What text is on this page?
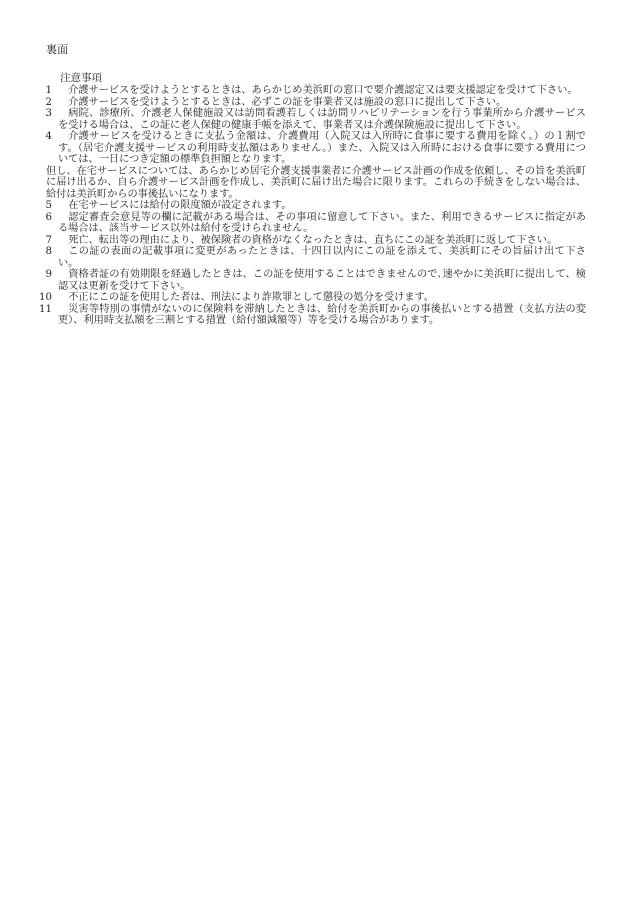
裏面
注意事項
1	介護サービスを受けようとするときは、あらかじめ美浜町の窓口で要介護認定又は要支援認定を受けて下さい。
2	介護サービスを受けようとするときは、必ずこの証を事業者又は施設の窓口に提出して下さい。
3	病院、診療所、介護老人保健施設又は訪問看護若しくは訪問リハビリテーションを行う事業所から介護サービスを受ける場合は、この証に老人保健の健康手帳を添えて、事業者又は介護保険施設に提出して下さい。
4	介護サービスを受けるときに支払う金額は、介護費用（入院又は入所時に食事に要する費用を除く。）の１割です。（居宅介護支援サービスの利用時支払額はありません。）また、入院又は入所時における食事に要する費用については、一日につき定額の標準負担額となります。
但し、在宅サービスについては、あらかじめ居宅介護支援事業者に介護サービス計画の作成を依頼し、その旨を美浜町に届け出るか、自ら介護サービス計画を作成し、美浜町に届け出た場合に限ります。これらの手続きをしない場合は、給付は美浜町からの事後払いになります。
5	在宅サービスには給付の限度額が設定されます。
6	認定審査会意見等の欄に記載がある場合は、その事項に留意して下さい。また、利用できるサービスに指定がある場合は、該当サービス以外は給付を受けられません。
7	死亡、転出等の理由により、被保険者の資格がなくなったときは、直ちにこの証を美浜町に返して下さい。
8	この証の表面の記載事項に変更があったときは、十四日以内にこの証を添えて、美浜町にその旨届け出て下さい。
9	資格者証の有効期限を経過したときは、この証を使用することはできませんので､速やかに美浜町に提出して、検認又は更新を受けて下さい。
10	不正にこの証を使用した者は、刑法により詐欺罪として懲役の処分を受けます。
11	災害等特別の事情がないのに保険料を滞納したときは、給付を美浜町からの事後払いとする措置（支払方法の変更）、利用時支払額を三割とする措置（給付額減額等）等を受ける場合があります。
